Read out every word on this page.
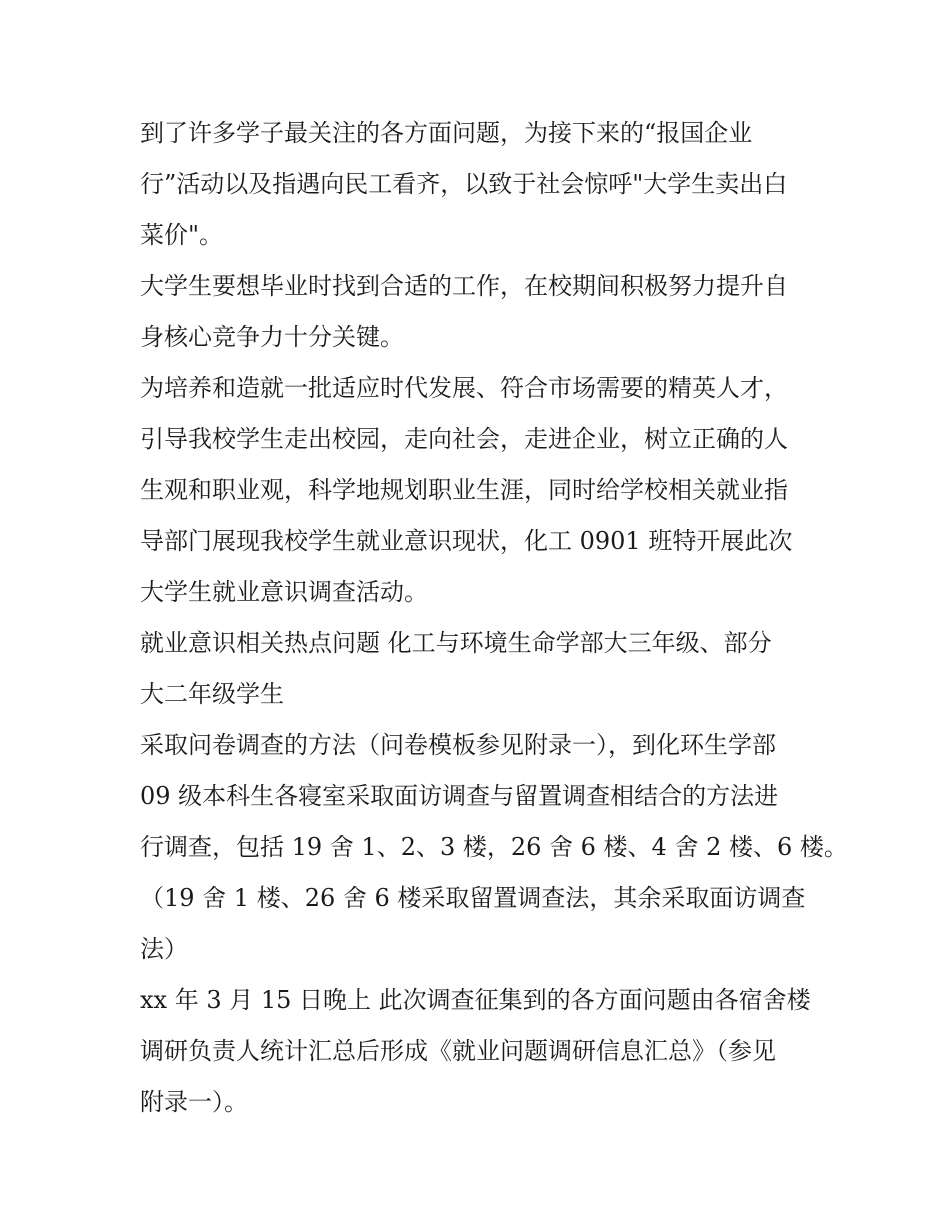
到了许多学子最关注的各方面问题，为接下来的“报国企业
行”活动以及指遇向民工看齐，以致于社会惊呼"大学生卖出白
菜价"。
大学生要想毕业时找到合适的工作，在校期间积极努力提升自
身核心竞争力十分关键。
为培养和造就一批适应时代发展、符合市场需要的精英人才，
引导我校学生走出校园，走向社会，走进企业，树立正确的人
生观和职业观，科学地规划职业生涯，同时给学校相关就业指
导部门展现我校学生就业意识现状，化工 0901 班特开展此次
大学生就业意识调查活动。
就业意识相关热点问题 化工与环境生命学部大三年级、部分
大二年级学生
采取问卷调查的方法（问卷模板参见附录一），到化环生学部
09 级本科生各寝室采取面访调查与留置调查相结合的方法进
行调查，包括 19 舍 1、2、3 楼，26 舍 6 楼、4 舍 2 楼、6 楼。
（19 舍 1 楼、26 舍 6 楼采取留置调查法，其余采取面访调查
法）
xx 年 3 月 15 日晚上 此次调查征集到的各方面问题由各宿舍楼
调研负责人统计汇总后形成《就业问题调研信息汇总》（参见
附录一）。
